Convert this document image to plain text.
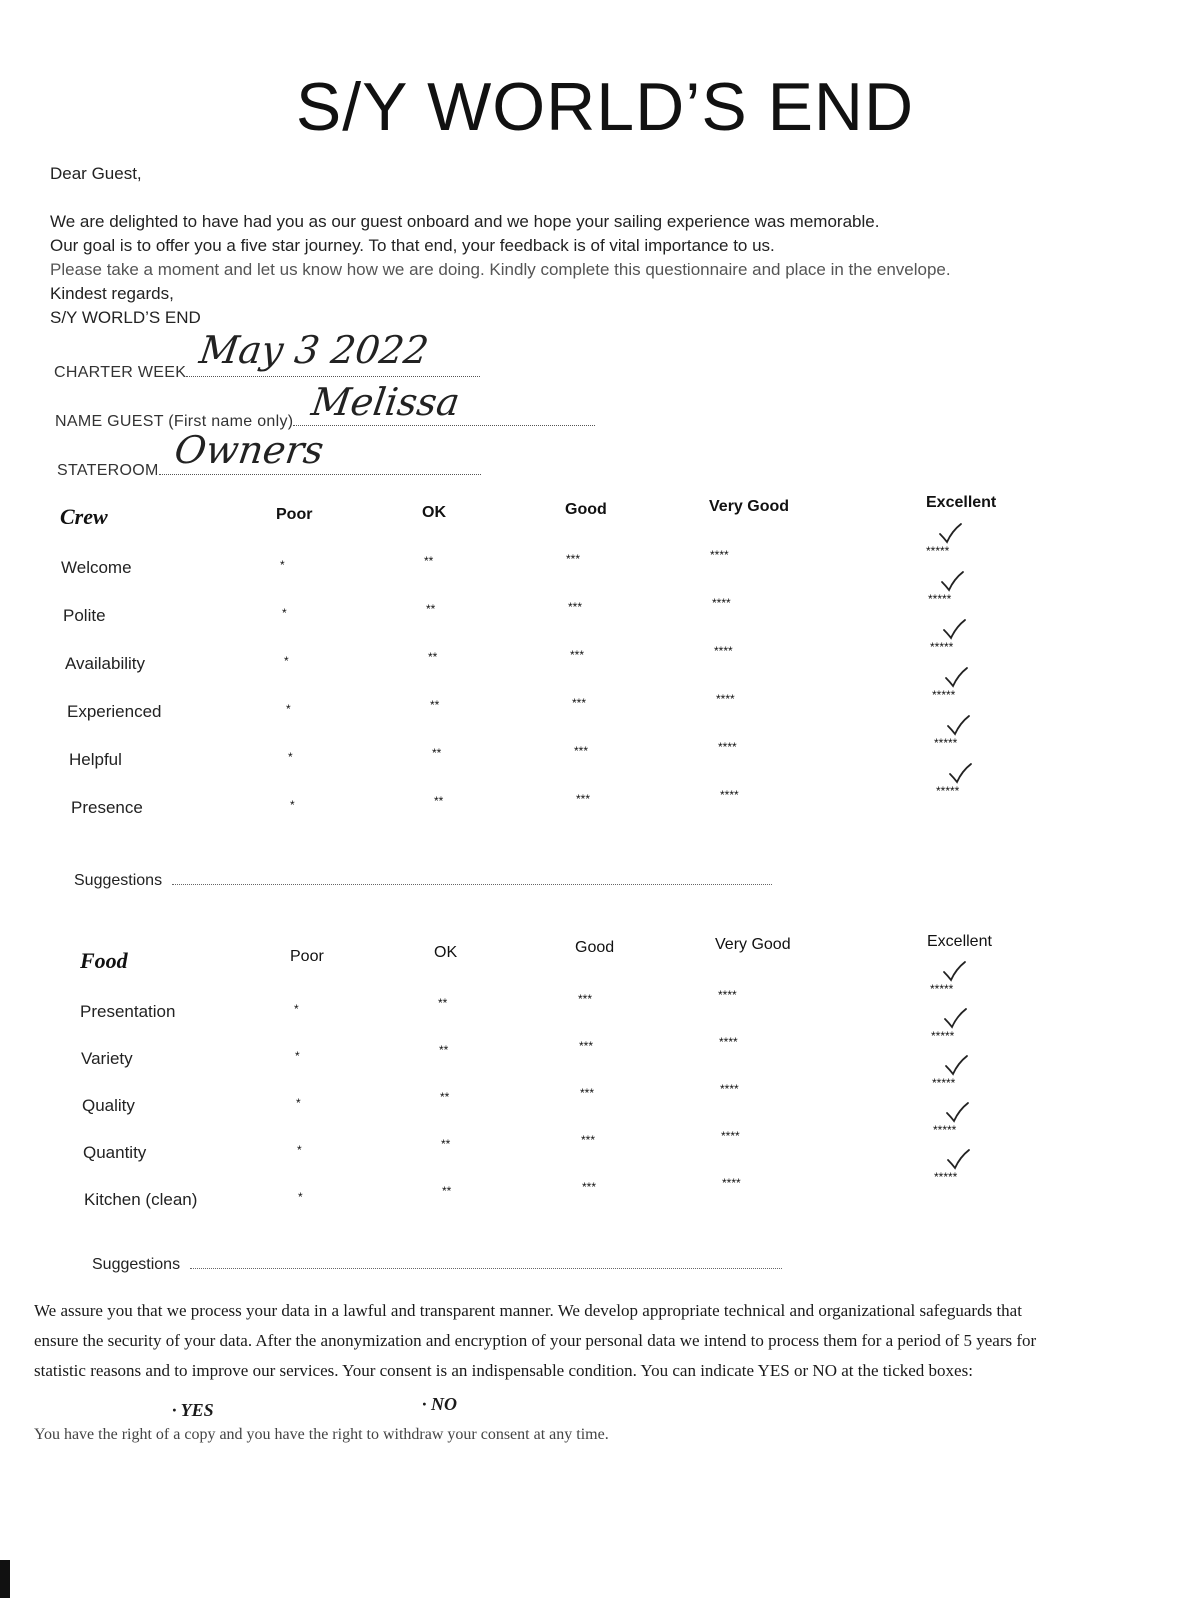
S/Y WORLD’S END
Dear Guest,
We are delighted to have had you as our guest onboard and we hope your sailing experience was memorable.
Our goal is to offer you a five star journey. To that end, your feedback is of vital importance to us.
Please take a moment and let us know how we are doing. Kindly complete this questionnaire and place in the envelope.
Kindest regards,
S/Y WORLD’S END
CHARTER WEEK
May 3 2022
NAME GUEST (First name only) Melissa
STATEROOM Owners
Crew	Poor	OK	Good	Very Good	Excellent
Welcome	*	**	***	****	*****
Polite	*	**	***	****	*****
Availability	*	**	***	****	*****
Experienced	*	**	***	****	*****
Helpful	*	**	***	****	*****
Presence	*	**	***	****	*****
Suggestions
Food	Poor	OK	Good	Very Good	Excellent
Presentation	*	**	***	****	*****
Variety	*	**	***	****	*****
Quality	*	**	***	****	*****
Quantity	*	**	***	****	*****
Kitchen (clean)	*	**	***	****	*****
Suggestions
We assure you that we process your data in a lawful and transparent manner. We develop appropriate technical and organizational safeguards that
ensure the security of your data. After the anonymization and encryption of your personal data we intend to process them for a period of 5 years for
statistic reasons and to improve our services. Your consent is an indispensable condition. You can indicate YES or NO at the ticked boxes:
· YES	· NO
You have the right of a copy and you have the right to withdraw your consent at any time.
